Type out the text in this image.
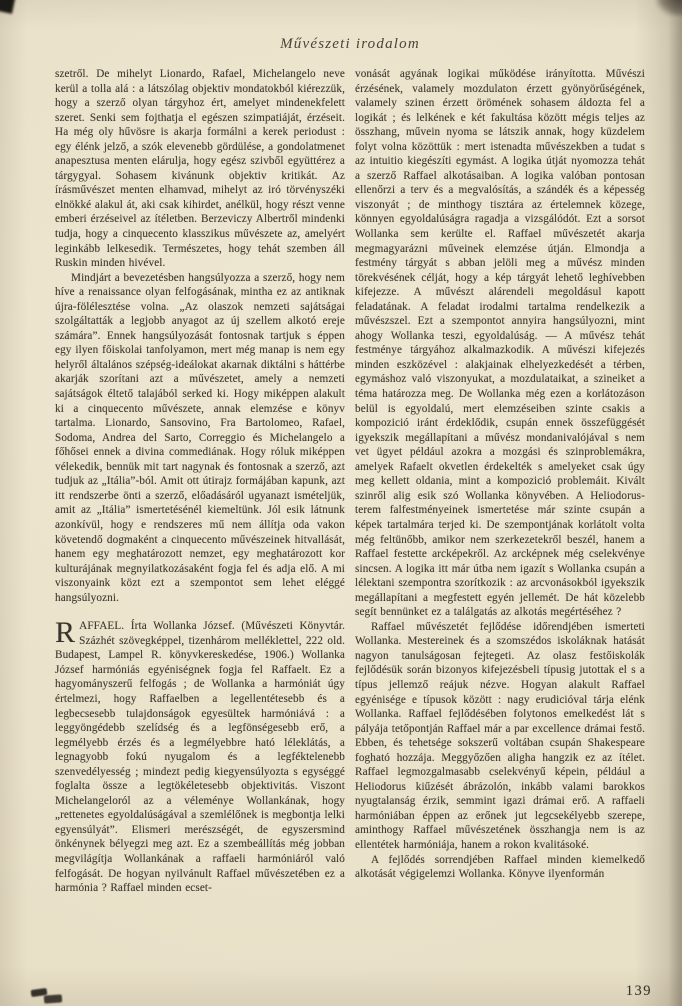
Művészeti irodalom

szetről. De mihelyt Lionardo, Rafael, Michelangelo neve kerül a tolla alá : a látszólag objektiv mondatokból kiérezzük, hogy a szerző olyan tárgyhoz ért, amelyet mindenekfelett szeret. Senki sem fojthatja el egészen szimpatiáját, érzéseit. Ha még oly hűvösre is akarja formálni a kerek periodust : egy élénk jelző, a szók elevenebb gördülése, a gondolatmenet anapesztusa menten elárulja, hogy egész szivből együttérez a tárgygyal. Sohasem kivánunk objektiv kritikát. Az írásművészet menten elhamvad, mihelyt az iró törvényszéki elnökké alakul át, aki csak kihirdet, anélkül, hogy részt venne emberi érzéseivel az ítéletben. Berzeviczy Albertről mindenki tudja, hogy a cinquecento klasszikus művészete az, amelyért leginkább lelkesedik. Természetes, hogy tehát szemben áll Ruskin minden hivével.

Mindjárt a bevezetésben hangsúlyozza a szerző, hogy nem híve a renaissance olyan felfogásának, mintha ez az antiknak újra-fölélesztése volna. „Az olaszok nemzeti sajátságai szolgáltatták a legjobb anyagot az új szellem alkotó ereje számára”. Ennek hangsúlyozását fontosnak tartjuk s éppen egy ilyen főiskolai tanfolyamon, mert még manap is nem egy helyről általános szépség-ideálokat akarnak diktálni s háttérbe akarják szorítani azt a művészetet, amely a nemzeti sajátságok éltető talajából serked ki. Hogy miképpen alakult ki a cinquecento művészete, annak elemzése e könyv tartalma. Lionardo, Sansovino, Fra Bartolomeo, Rafael, Sodoma, Andrea del Sarto, Correggio és Michelangelo a főhősei ennek a divina commediának. Hogy róluk miképpen vélekedik, bennük mit tart nagynak és fontosnak a szerző, azt tudjuk az „Itália”-ból. Amit ott útirajz formájában kapunk, azt itt rendszerbe önti a szerző, előadásáról ugyanazt ismételjük, amit az „Itália” ismertetésénél kiemeltünk. Jól esik látnunk azonkívül, hogy e rendszeres mű nem állítja oda vakon követendő dogmaként a cinquecento művészeinek hitvallását, hanem egy meghatározott nemzet, egy meghatározott kor kulturájának megnyilatkozásaként fogja fel és adja elő. A mi viszonyaink közt ezt a szempontot sem lehet eléggé hangsúlyozni.

RAFFAEL. Írta Wollanka József. (Művészeti Könyvtár. Százhét szövegképpel, tizenhárom melléklettel, 222 old. Budapest, Lampel R. könyvkereskedése, 1906.) Wollanka József harmóniás egyéniségnek fogja fel Raffaelt. Ez a hagyományszerű felfogás ; de Wollanka a harmóniát úgy értelmezi, hogy Raffaelben a legellentétesebb és a legbecsesebb tulajdonságok egyesültek harmóniává : a leggyöngédebb szelídség és a legfönségesebb erő, a legmélyebb érzés és a legmélyebbre ható léleklátás, a legnagyobb fokú nyugalom és a legféktelenebb szenvedélyesség ; mindezt pedig kiegyensúlyozta s egységgé foglalta össze a legtökéletesebb objektivitás. Viszont Michelangeloról az a véleménye Wollankának, hogy „rettenetes egyoldalúságával a szemlélőnek is megbontja lelki egyensúlyát”. Elismeri merészségét, de egyszersmind önkénynek bélyegzi meg azt. Ez a szembeállítás még jobban megvilágítja Wollankának a raffaeli harmóniáról való felfogását. De hogyan nyilvánult Raffael művészetében ez a harmónia ? Raffael minden ecset-

vonását agyának logikai működése irányította. Művészi érzésének, valamely mozdulaton érzett gyönyörűségének, valamely szinen érzett örömének sohasem áldozta fel a logikát ; és lelkének e két fakultása között mégis teljes az összhang, művein nyoma se látszik annak, hogy küzdelem folyt volna közöttük : mert istenadta művészekben a tudat s az intuitio kiegészíti egymást. A logika útját nyomozza tehát a szerző Raffael alkotásaiban. A logika valóban pontosan ellenőrzi a terv és a megvalósítás, a szándék és a képesség viszonyát ; de minthogy tisztára az értelemnek közege, könnyen egyoldalúságra ragadja a vizsgálódót. Ezt a sorsot Wollanka sem kerülte el. Raffael művészetét akarja megmagyarázni műveinek elemzése útján. Elmondja a festmény tárgyát s abban jelöli meg a művész minden törekvésének célját, hogy a kép tárgyát lehető leghívebben kifejezze. A művészt alárendeli megoldásul kapott feladatának. A feladat irodalmi tartalma rendelkezik a művészszel. Ezt a szempontot annyira hangsúlyozni, mint ahogy Wollanka teszi, egyoldalúság. — A művész tehát festménye tárgyához alkalmazkodik. A művészi kifejezés minden eszközével : alakjainak elhelyezkedését a térben, egymáshoz való viszonyukat, a mozdulataikat, a szineiket a téma határozza meg. De Wollanka még ezen a korlátozáson belül is egyoldalú, mert elemzéseiben szinte csakis a kompozició iránt érdeklődik, csupán ennek összefüggését igyekszik megállapítani a művész mondanivalójával s nem vet ügyet például azokra a mozgási és szinproblemákra, amelyek Rafaelt okvetlen érdekelték s amelyeket csak úgy meg kellett oldania, mint a kompozició problemáit. Kivált szinről alig esik szó Wollanka könyvében. A Heliodorus-terem falfestményeinek ismertetése már szinte csupán a képek tartalmára terjed ki. De szempontjának korlátolt volta még feltünőbb, amikor nem szerkezetekről beszél, hanem a Raffael festette arcképekről. Az arcképnek még cselekvénye sincsen. A logika itt már útba nem igazít s Wollanka csupán a lélektani szempontra szorítkozik : az arcvonásokból igyekszik megállapítani a megfestett egyén jellemét. De hát közelebb segít bennünket ez a találgatás az alkotás megértéséhez ?

Raffael művészetét fejlődése időrendjében ismerteti Wollanka. Mestereinek és a szomszédos iskoláknak hatását nagyon tanulságosan fejtegeti. Az olasz festőiskolák fejlődésük során bizonyos kifejezésbeli típusig jutottak el s a típus jellemző reájuk nézve. Hogyan alakult Raffael egyénisége e típusok között : nagy erudicióval tárja elénk Wollanka. Raffael fejlődésében folytonos emelkedést lát s pályája tetőpontján Raffael már a par excellence drámai festő. Ebben, és tehetsége sokszerű voltában csupán Shakespeare fogható hozzája. Meggyőzően aligha hangzik ez az ítélet. Raffael legmozgalmasabb cselekvényű képein, például a Heliodorus kiűzését ábrázolón, inkább valami barokkos nyugtalanság érzik, semmint igazi drámai erő. A raffaeli harmóniában éppen az erőnek jut legcsekélyebb szerepe, aminthogy Raffael művészetének összhangja nem is az ellentétek harmóniája, hanem a rokon kvalitásoké.

A fejlődés sorrendjében Raffael minden kiemelkedő alkotását végigelemzi Wollanka. Könyve ilyenformán

139
